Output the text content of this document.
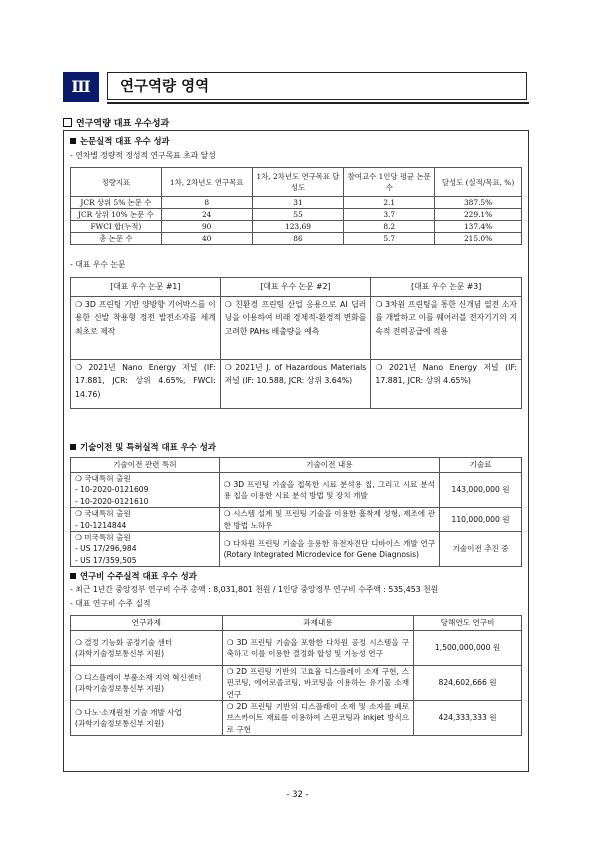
Ⅲ	연구역량 영역
연구역량 대표 우수성과
논문실적 대표 우수 성과
- 연차별 정량적 정성적 연구목표 초과 달성
정량지표	1차, 2차년도 연구목표	1차, 2차년도 연구목표 달성도	참여교수 1인당 평균 논문수	달성도 (실적/목표, %)
JCR 상위 5% 논문 수	8	31	2.1	387.5%
JCR 상위 10% 논문 수	24	55	3.7	229.1%
FWCI 합(누적)	90	123.69	8.2	137.4%
총 논문 수	40	86	5.7	215.0%
- 대표 우수 논문
[대표 우수 논문 #1]	[대표 우수 논문 #2]	[대표 우수 논문 #3]
❍ 3D 프린팅 기반 양방향 기어박스를 이용한 신발 착용형 정전 발전소자를 세계 최초로 제작	❍ 친환경 프린팅 산업 응용으로 AI 딥러닝을 이용하여 비래 경제적-환경적 변화를 고려한 PAHs 배출량을 예측	❍ 3차원 프린팅을 통한 신개념 열전 소자를 개발하고 이를 웨어러블 전자기기의 지속적 전력공급에 적용
❍ 2021년 Nano Energy 저널 (IF: 17.881, JCR: 상위 4.65%, FWCI: 14.76)	❍ 2021년 J. of Hazardous Materials 저널 (IF: 10.588, JCR: 상위 3.64%)	❍ 2021년 Nano Energy 저널 (IF: 17.881, JCR: 상위 4.65%)
기술이전 및 특허실적 대표 우수 성과
기술이전 관련 특허	기술이전 내용	기술료

❍ 국내특허 출원
- 10-2020-0121609
- 10-2020-0121610	❍ 3D 프린팅 기술을 접목한 시료 분석용 칩, 그리고 시료 분석용 칩을 이용한 시료 분석 방법 및 장치 개발	143,000,000 원

❍ 국내특허 출원
- 10-1214844	❍ 시스템 설계 및 프린팅 기술을 이용한 흡착제 성형, 제조에 관한 방법 노하우	110,000,000 원

❍ 미국특허 출원
- US 17/296,984
- US 17/359,505	❍ 다차원 프린팅 기술을 응용한 유전자진단 디바이스 개발 연구 (Rotary Integrated Microdevice for Gene Diagnosis)	기술이전 추진 중
연구비 수주실적 대표 우수 성과
- 최근 1년간 중앙정부 연구비 수주 총액 : 8,031,801 천원 / 1인당 중앙정부 연구비 수주액 : 535,453 천원
- 대표 연구비 수주 실적
연구과제	과제내용	당해연도 연구비

❍ 결정 기능화 공정기술 센터
(과학기술정보통신부 지원)	❍ 3D 프린팅 기술을 포함한 다차원 공정 시스템을 구축하고 이를 이용한 결정화 합성 및 기능성 연구	1,500,000,000 원

❍ 디스플레이 부품소재 지역 혁신센터
(과학기술정보통신부 지원)	❍ 2D 프린팅 기반의 고효율 디스플레이 소재 구현, 스핀코팅, 에어로졸코팅, 바코팅을 이용하는 유기물 소재 연구	824,602,666 원

❍ 나노·소재원천 기술 개발 사업
(과학기술정보통신부 지원)	❍ 2D 프린팅 기반의 디스플레이 소재 및 소자를 페로브스카이트 재료를 이용하여 스핀코팅과 inkjet 방식으로 구현	424,333,333 원
- 32 -
